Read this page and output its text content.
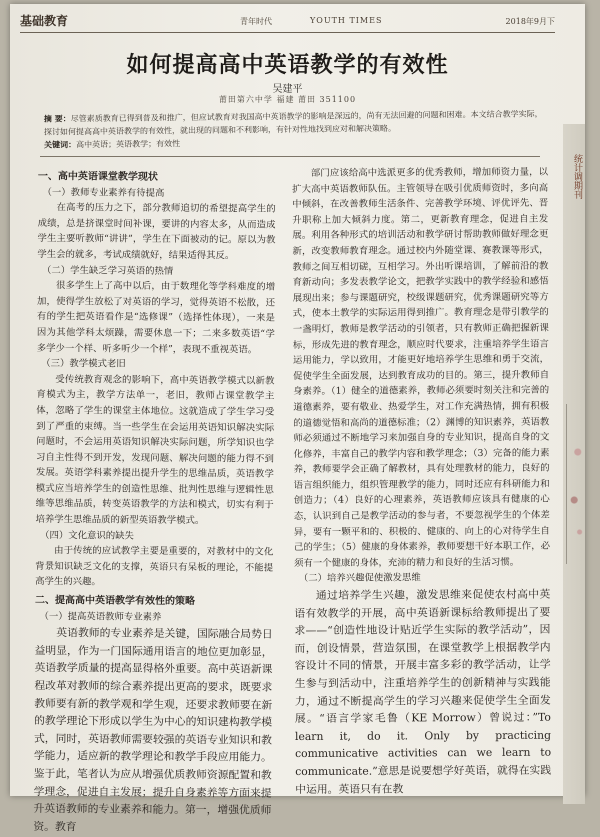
统计调期刊
基础教育	青年时代	YOUTH TIMES	2018年9月下
如何提高高中英语教学的有效性
吴建平
莆田第六中学 福建 莆田 351100
摘 要：尽管素质教育已得到普及和推广，但应试教育对我国高中英语教学的影响是深远的，尚有无法回避的问题和困难。本文结合教学实际，探讨如何提高高中英语教学的有效性，就出现的问题和不利影响，有针对性地找到应对和解决策略。
关键词：高中英语；英语教学；有效性

一、高中英语课堂教学现状

（一）教师专业素养有待提高

在高考的压力之下，部分教师追切的希望提高学生的成绩，总是挤课堂时间补课，要讲的内容太多，从而造成学生主要听教师“讲讲”，学生在下面被动的记。原以为教学生会的就多，考试成绩就好，结果适得其反。

（二）学生缺乏学习英语的热情

很多学生上了高中以后，由于数理化等学科难度的增加，使得学生放松了对英语的学习，觉得英语不松散，还有的学生把英语看作是“选修课”（选择性体现），一来是因为其他学科太烦躁，需要休息一下；二来多数英语“学多学少一个样、听多听少一个样”，表现不重视英语。

（三）教学模式老旧

受传统教育观念的影响下，高中英语教学模式以新教育模式为主，教学方法单一，老旧，教师占课堂教学主体，忽略了学生的课堂主体地位。这就造成了学生学习受到了严重的束缚。当一些学生在会运用英语知识解决实际问题时，不会运用英语知识解决实际问题，所学知识也学习自主性得不到开发，发现问题、解决问题的能力得不到发展。英语学科素养提出提升学生的思维品质，英语教学模式应当培养学生的创造性思维、批判性思维与逻辑性思维等思维品质，转变英语教学的方法和模式，切实有利于培养学生思维品质的新型英语教学模式。

（四）文化意识的缺失

由于传统的应试教学主要是重要的，对教材中的文化背景知识缺乏文化的支撑，英语只有呆板的理论，不能提高学生的兴趣。

二、提高高中英语教学有效性的策略

（一）提高英语教师专业素养

英语教师的专业素养是关键，国际融合局势日益明显，作为一门国际通用语言的地位更加彰显，英语教学质量的提高显得格外重要。高中英语新课程改革对教师的综合素养提出更高的要求，既要求教师要有新的教学观和学生观，还要求教师要在新的教学理论下形成以学生为中心的知识建构教学模式，同时，英语教师需要较强的英语专业知识和教学能力，适应新的教学理论和教学手段应用能力。鉴于此，笔者认为应从增强优质教师资源配置和教学理念，促进自主发展；提升自身素养等方面来提升英语教师的专业素养和能力。第一，增强优质师资。教育

部门应该给高中选派更多的优秀教师，增加师资力量，以扩大高中英语教师队伍。主管领导在吸引优质师资时，多向高中倾斜，在改善教师生活条件、完善教学环境、评优评先、晋升职称上加大倾斜力度。第二，更新教育理念，促进自主发展。利用各种形式的培训活动和教学研讨帮助教师做好理念更新，改变教师教育理念。通过校内外随堂课、赛教课等形式，教师之间互相切磋，互相学习。外出听课培训，了解前沿的教育新动向；多发表教学论文，把教学实践中的教学经验和感悟展现出来；参与课题研究，校级课题研究，优秀课题研究等方式，使本土教学的实际运用得到推广。教育理念是带引教学的一盏明灯，教师是教学活动的引领者，只有教师正确把握新课标，形成先进的教育理念，顺应时代要求，注重培养学生语言运用能力，学以致用，才能更好地培养学生思维和勇于交流，促使学生全面发展，达到教育成功的目的。第三，提升教师自身素养。（1）健全的道德素养，教师必须要时刻关注和完善的道德素养，要有敬业、热爱学生，对工作充满热情，拥有积极的道德觉悟和高尚的道德标准；（2）渊博的知识素养，英语教师必须通过不断地学习来加强自身的专业知识，提高自身的文化修养，丰富自己的教学内容和教学理念；（3）完备的能力素养，教师要学会正确了解教材，具有处理教材的能力，良好的语言组织能力，组织管理教学的能力，同时还应有科研能力和创造力；（4）良好的心理素养，英语教师应该具有健康的心态，认识到自己是教学活动的参与者，不要忽视学生的个体差异，要有一颗平和的、积极的、健康的、向上的心对待学生自己的学生；（5）健康的身体素养，教师要想干好本职工作，必须有一个健康的身体，充沛的精力和良好的生活习惯。

（二）培养兴趣促使激发思维

通过培养学生兴趣，激发思维来促使农村高中英语有效教学的开展，高中英语新课标给教师提出了要求——“创造性地设计贴近学生实际的教学活动”，因而，创设情景，营造氛围，在课堂教学上根据教学内容设计不同的情景，开展丰富多彩的教学活动，让学生参与到活动中，注重培养学生的创新精神与实践能力，通过不断提高学生的学习兴趣来促使学生全面发展。“语言学家毛鲁（KE Morrow）曾说过：”To learn it, do it. Only by practicing communicative activities can we learn to communicate.”意思是说要想学好英语，就得在实践中运用。英语只有在教
